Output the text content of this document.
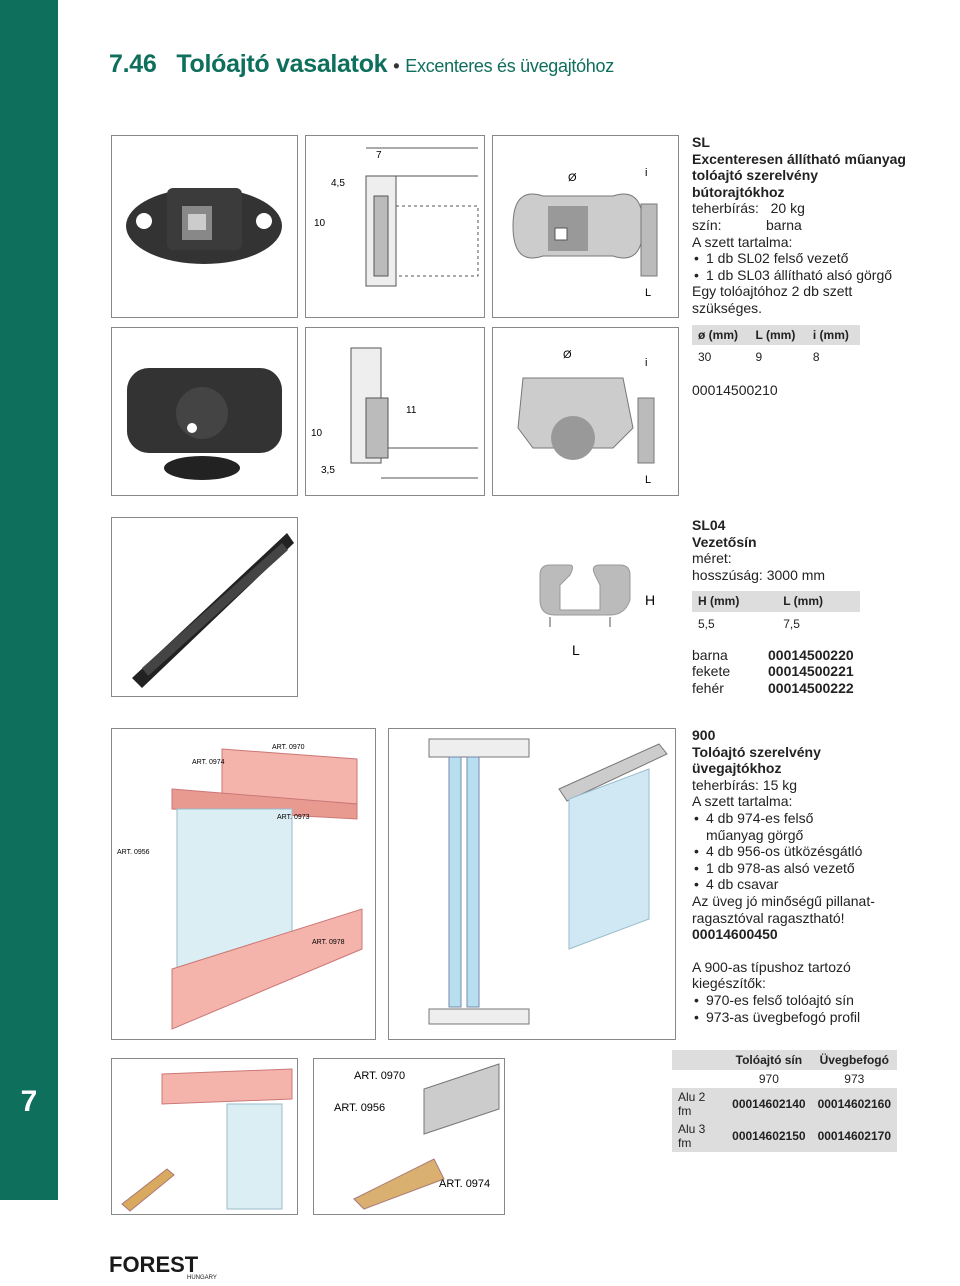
7
7.46 Tolóajtó vasalatok • Excenteres és üvegajtóhoz
7
4,5
10
Ø	i
L
11
10
3,5
Ø
i
L
SL
Excenteresen állítható műanyag tolóajtó szerelvény bútorajtókhoz
teherbírás: 20 kg
szín:	barna
A szett tartalma:
• 1 db SL02 felső vezető
• 1 db SL03 állítható alsó görgő
Egy tolóajtóhoz 2 db szett szükséges.
ø (mm)	L (mm)	i (mm)
30	9	8
00014500210
H
L
SL04
Vezetősín
méret:
hosszúság: 3000 mm
H (mm)	L (mm)
5,5	7,5
barna	00014500220
fekete	00014500221
fehér	00014500222
ART. 0974
ART. 0970
ART. 0956
ART. 0973
ART. 0978
ART. 0970
ART. 0956
ART. 0974
900
Tolóajtó szerelvény üvegajtókhoz
teherbírás: 15 kg
A szett tartalma:
• 4 db 974-es felső műanyag görgő
• 4 db 956-os ütközésgátló
• 1 db 978-as alsó vezető
• 4 db csavar
Az üveg jó minőségű pillanat-ragasztóval ragasztható!
00014600450
A 900-as típushoz tartozó kiegészítők:
• 970-es felső tolóajtó sín
• 973-as üvegbefogó profil
	Tolóajtó sín	Üvegbefogó
	970	973
Alu 2 fm	00014602140	00014602160
Alu 3 fm	00014602150	00014602170
FOREST
HUNGARY
